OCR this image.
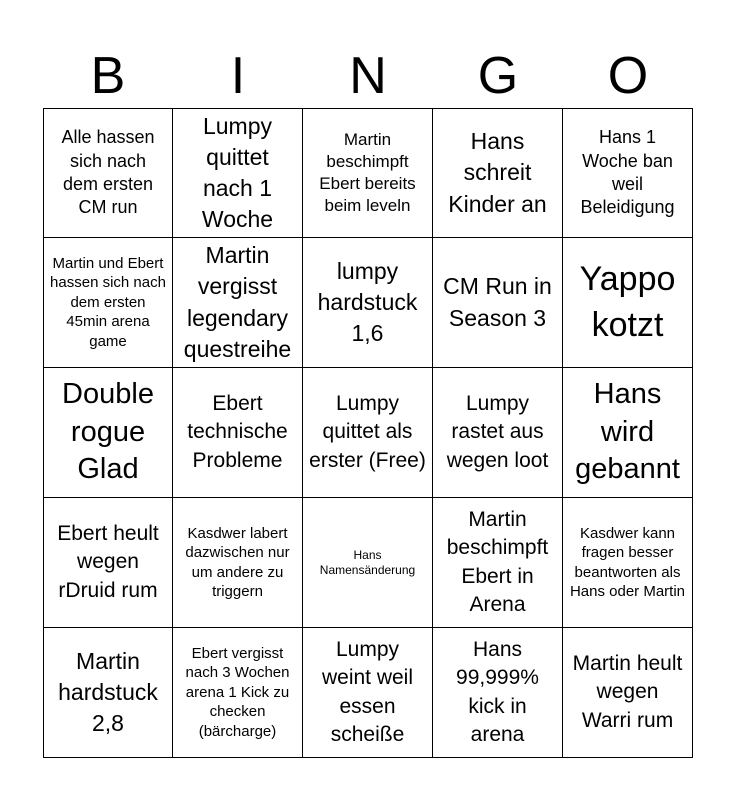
B	I	N	G	O
Alle hassen sich nach dem ersten CM run
Lumpy quittet nach 1 Woche
Martin beschimpft Ebert bereits beim leveln
Hans schreit Kinder an
Hans 1 Woche ban weil Beleidigung
Martin und Ebert hassen sich nach dem ersten 45min arena game
Martin vergisst legendary questreihe
lumpy hardstuck 1,6
CM Run in Season 3
Yappo kotzt
Double rogue Glad
Ebert technische Probleme
Lumpy quittet als erster (Free)
Lumpy rastet aus wegen loot
Hans wird gebannt
Ebert heult wegen rDruid rum
Kasdwer labert dazwischen nur um andere zu triggern
Hans Namensänderung
Martin beschimpft Ebert in Arena
Kasdwer kann fragen besser beantworten als Hans oder Martin
Martin hardstuck 2,8
Ebert vergisst nach 3 Wochen arena 1 Kick zu checken (bärcharge)
Lumpy weint weil essen scheiße
Hans 99,999% kick in arena
Martin heult wegen Warri rum
